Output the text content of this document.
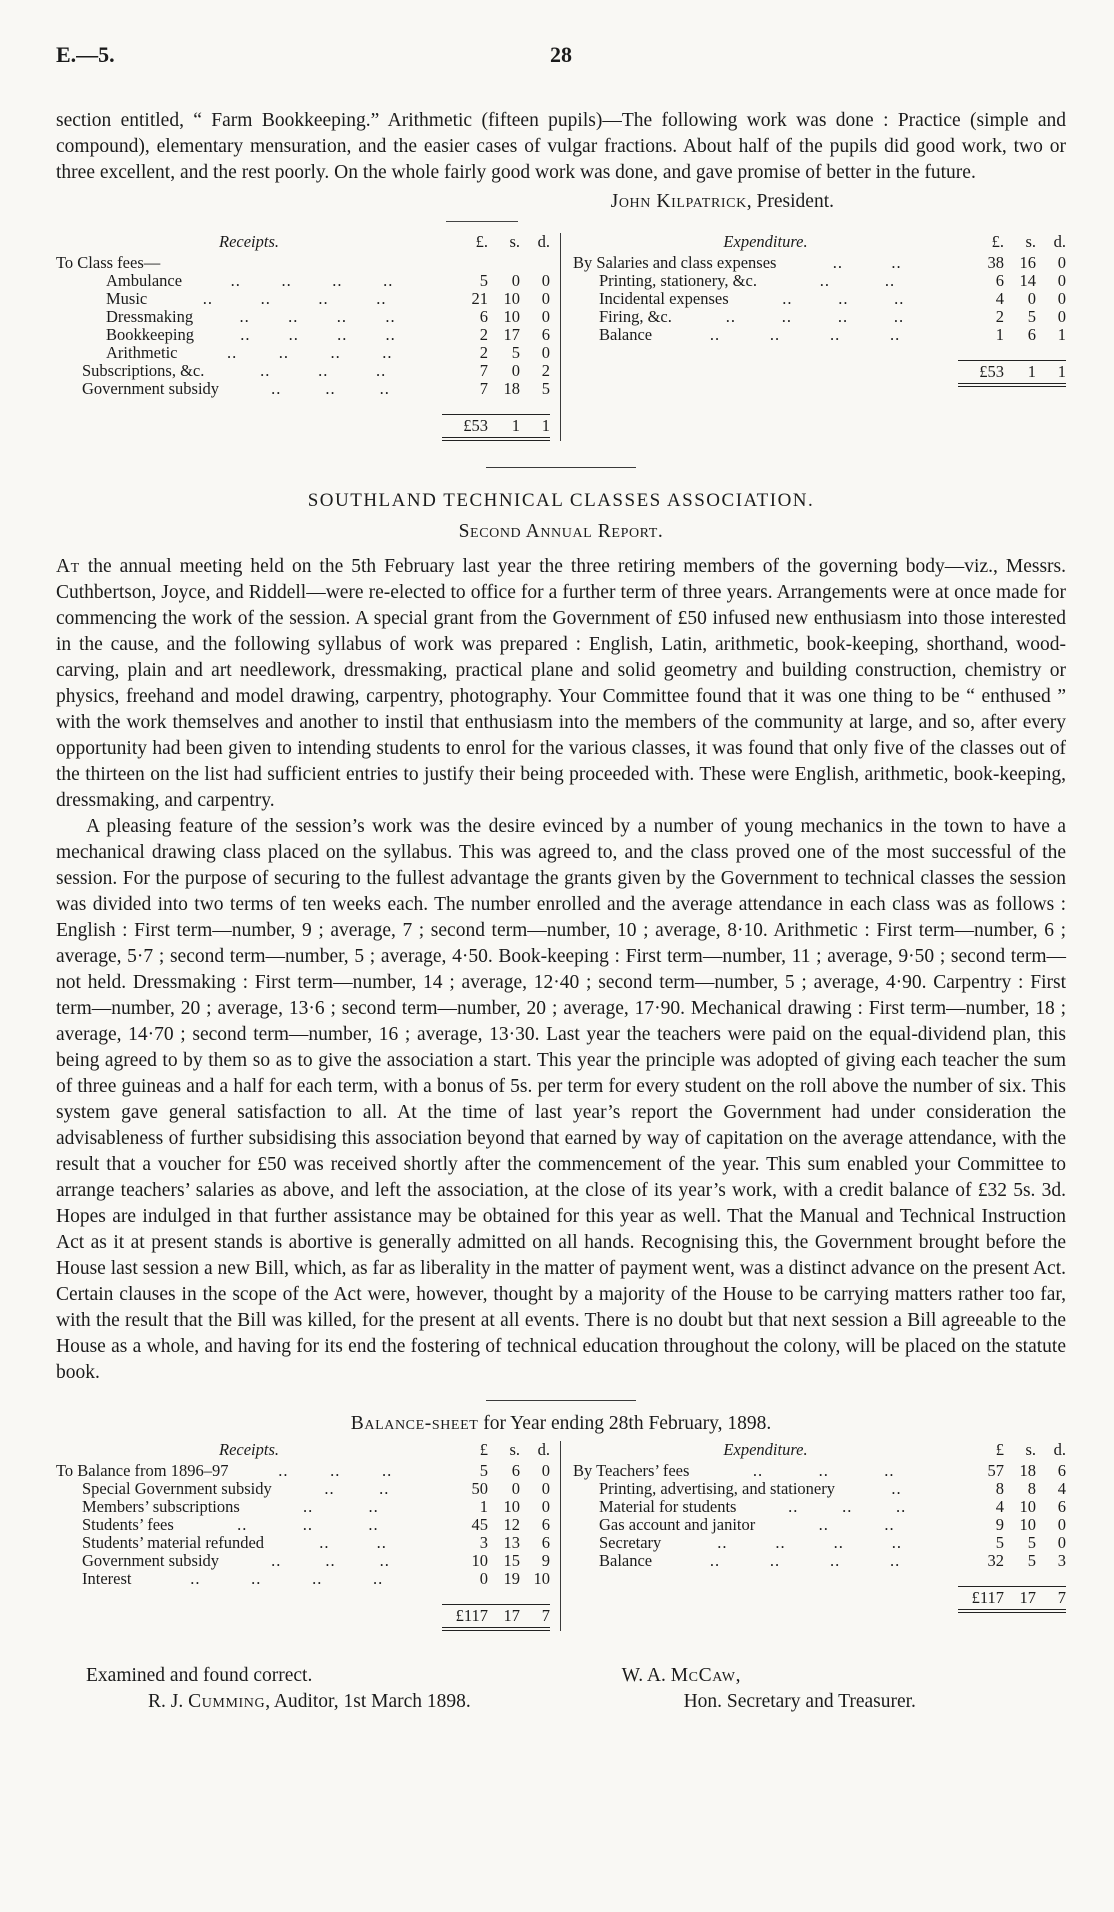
E.—5.	28

section entitled, “ Farm Bookkeeping.” Arithmetic (fifteen pupils)—The following work was done : Practice (simple and compound), elementary mensuration, and the easier cases of vulgar fractions. About half of the pupils did good work, two or three excellent, and the rest poorly. On the whole fairly good work was done, and gave promise of better in the future.

John Kilpatrick, President.
Receipts.	£.	s.	d.
To Class fees—
Ambulance .. .. .. ..	5	0	0
Music .. .. .. ..	21 10	0
Dressmaking .. .. .. ..	6 10	0
Bookkeeping .. .. .. ..	2 17	6
Arithmetic .. .. .. ..	2	5	0
Subscriptions, &c. .. .. ..	7	0	2
Government subsidy .. .. ..	7 18	5
£53	1	1
Expenditure.	£.	s.	d.
By Salaries and class expenses .. ..	38 16	0
Printing, stationery, &c. .. ..	6 14	0
Incidental expenses .. .. ..	4	0	0
Firing, &c. .. .. .. ..	2	5	0
Balance .. .. .. ..	1	6	1
£53	1	1
SOUTHLAND TECHNICAL CLASSES ASSOCIATION.
Second Annual Report.

At the annual meeting held on the 5th February last year the three retiring members of the governing body—viz., Messrs. Cuthbertson, Joyce, and Riddell—were re-elected to office for a further term of three years. Arrangements were at once made for commencing the work of the session. A special grant from the Government of £50 infused new enthusiasm into those interested in the cause, and the following syllabus of work was prepared : English, Latin, arithmetic, book-keeping, shorthand, wood-carving, plain and art needlework, dressmaking, practical plane and solid geometry and building construction, chemistry or physics, freehand and model drawing, carpentry, photography. Your Committee found that it was one thing to be “ enthused ” with the work themselves and another to instil that enthusiasm into the members of the community at large, and so, after every opportunity had been given to intending students to enrol for the various classes, it was found that only five of the classes out of the thirteen on the list had sufficient entries to justify their being proceeded with. These were English, arithmetic, book-keeping, dressmaking, and carpentry.

A pleasing feature of the session’s work was the desire evinced by a number of young mechanics in the town to have a mechanical drawing class placed on the syllabus. This was agreed to, and the class proved one of the most successful of the session. For the purpose of securing to the fullest advantage the grants given by the Government to technical classes the session was divided into two terms of ten weeks each. The number enrolled and the average attendance in each class was as follows : English : First term—number, 9 ; average, 7 ; second term—number, 10 ; average, 8·10. Arithmetic : First term—number, 6 ; average, 5·7 ; second term—number, 5 ; average, 4·50. Book-keeping : First term—number, 11 ; average, 9·50 ; second term—not held. Dressmaking : First term—number, 14 ; average, 12·40 ; second term—number, 5 ; average, 4·90. Carpentry : First term—number, 20 ; average, 13·6 ; second term—number, 20 ; average, 17·90. Mechanical drawing : First term—number, 18 ; average, 14·70 ; second term—number, 16 ; average, 13·30. Last year the teachers were paid on the equal-dividend plan, this being agreed to by them so as to give the association a start. This year the principle was adopted of giving each teacher the sum of three guineas and a half for each term, with a bonus of 5s. per term for every student on the roll above the number of six. This system gave general satisfaction to all. At the time of last year’s report the Government had under consideration the advisableness of further subsidising this association beyond that earned by way of capitation on the average attendance, with the result that a voucher for £50 was received shortly after the commencement of the year. This sum enabled your Committee to arrange teachers’ salaries as above, and left the association, at the close of its year’s work, with a credit balance of £32 5s. 3d. Hopes are indulged in that further assistance may be obtained for this year as well. That the Manual and Technical Instruction Act as it at present stands is abortive is generally admitted on all hands. Recognising this, the Government brought before the House last session a new Bill, which, as far as liberality in the matter of payment went, was a distinct advance on the present Act. Certain clauses in the scope of the Act were, however, thought by a majority of the House to be carrying matters rather too far, with the result that the Bill was killed, for the present at all events. There is no doubt but that next session a Bill agreeable to the House as a whole, and having for its end the fostering of technical education throughout the colony, will be placed on the statute book.

Balance-sheet for Year ending 28th February, 1898.
Receipts.	£	s.	d.
To Balance from 1896–97 .. .. ..	5	6	0
Special Government subsidy .. ..	50	0	0
Members’ subscriptions .. ..	1 10	0
Students’ fees .. .. ..	45 12	6
Students’ material refunded .. ..	3 13	6
Government subsidy .. .. ..	10 15	9
Interest .. .. .. ..	0 19 10
£117 17	7
Expenditure.	£	s.	d.
By Teachers’ fees .. .. ..	57 18	6
Printing, advertising, and stationery ..	8	8	4
Material for students .. .. ..	4 10	6
Gas account and janitor .. ..	9 10	0
Secretary .. .. .. ..	5	5	0
Balance .. .. .. ..	32	5	3
£117 17	7
Examined and found correct.
R. J. Cumming, Auditor, 1st March 1898.
W. A. McCaw,
Hon. Secretary and Treasurer.
